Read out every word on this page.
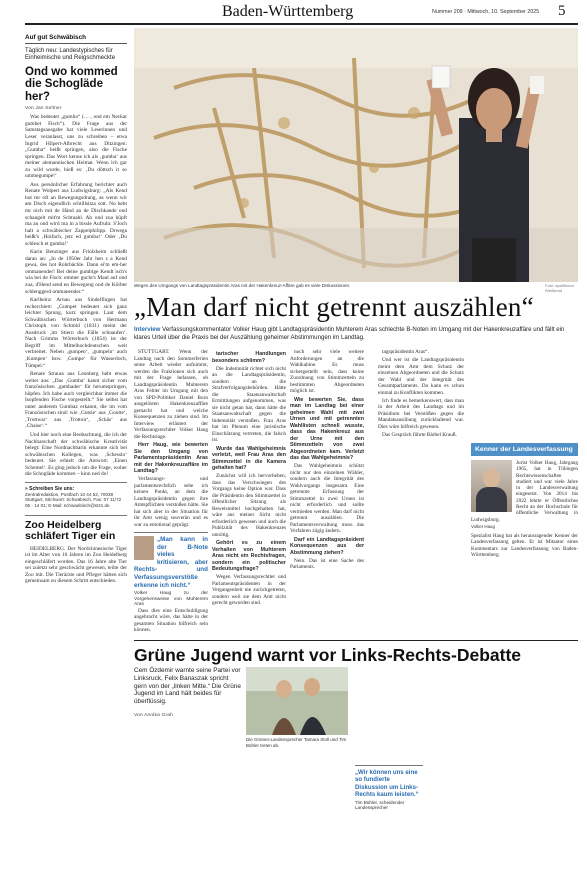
Baden-Württemberg	Nummer 209 · Mittwoch, 10. September 2025 5
Auf gut Schwäbisch
Täglich neu: Landestypisches für Einheimische und Reigschmeckte
Ond wo kommed die Schogläde her?
Von Jan Sellner

Was bedeutet „gumba“ (… , ond em Neckar gumbet Fisch“). Die Frage aus der Samstagsausgabe hat viele Leserinnen und Leser veranlasst, uns zu schreiben – etwa Ingrid Hilpert-Albrecht aus Ditzingen: „Gumba“ heißt springen, also die Fische springen. Das Wort kenne ich als ‚gumba‘ aus meiner alemannischen Heimat. Wenn ich gar zu wild wurde, hieß es: ‚Du döttsch it so ummegumpe!‘

Aus persönlicher Erfahrung berichtet auch Renate Wolpert aus Ludwigsburg: „Als Kend hot mr oft an Bewegungsdrang, as wenn wir am Disch eigendlich schtillsitza sott. No hebt mr oich mit de Händ an de Dischkande ond schaugelt mit'm Schtuahl. Ab ond zua hüpft ma au ond wird ma in a bissle Aufruhr. S'Joch halt a schwäbischer Zappelphilipp. Drwega heißt's ‚Hoifach, jetz ed gumba!‘ Oder ‚Du schlesch et gumba!‘

Karin Benzinger aus Friolzheim schließt daran an: „In de 1950er Jahr hen s a Kend gewa, des hot Rohrbächle. Dann ei'm em-her ommanender! Bei deine gumbige Kendt isch's wia bei de Fisch: emmer gucht's Maul auf ond zua, d'Hend send en Bewegong ond de Körber schlenggerd ommanender.“

Karlheinz Arnau aus Sindelfingen hat recherchiert: „Gumpet bedeutet sich ganz leichter Sprung, kurz springen. Laut dem Schwäbischen Wörterbuch von Hermann Christoph von Schmid (1831) meint der Ausdruck ‚im Stiern die Fälle schnaufen‘. Nach Grimms Wörterbuch (1854) ist der Begriff im Mittelhochdeutschen weit verbreitet. Neben ‚gumpen‘, ‚gumpeln‘ auch ‚Kumpen‘ bzw. ‚Gumpe‘ für Wasserloch, Tümpel.“

Renate Strauss aus Leonberg hebt etwas weiter aus: „Das ‚Gumba‘ kannt sicher vom französischen ‚gambader‘ für herumspringen, hüpfen. Ich habe auch vergleichbar immer die Isopfenden Fische vorgestellt.“ Sie selbst hat unter anderem Gumbaz erkannt, die im vom Französischen sind: wie ‚Gutsle‘ aus ‚Goutte‘, ‚Trottwar‘ aus ‚Trottoir‘, ‚Schäs‘ aus ‚Chaise‘.“

Und hier noch eine Beobachtung, die ich der Nachbarschaft der schwäbische Kreativität belegt: Eine Nordnachbarin erkannte sich bei schwäbischen Kollegen, was ‚Schesslo‘ bedeutet. Sie erhielt die Antwort: ‚Einen Schemel‘. Es ging jedoch um die Frage, woher die Schogläde kommen – kinn ned do!

» Schreiben Sie uns:
Zentralredaktion, Postfach 10 44 52, 70039 Stuttgart, Stichwort: Schwäbisch, Fax: 07 11/72 05 - 14 01; E-Mail: schwaebisch@stzn.de
Zoo Heidelberg schläfert Tiger ein

HEIDELBERG. Der Nordchinesische Tiger ist im Alter von 16 Jahren im Zoo Heidelberg eingeschläfert worden. Das 16 Jahre alte Tier sei zuletzt sehr geschwächt gewesen, teilte der Zoo mit. Die Tierärzte und Pfleger hätten sich gemeinsam zu diesem Schritt entschieden.

Wegen des Umgangs von Landtagspräsidentin Aras mit der Hakenkreuz-Affäre gab es viele Diskussionen.	Foto: dpa/Bernd Weißbrod
„Man darf nicht getrennt auszählen“
Interview Verfassungskommentator Volker Haug gibt Landtagspräsidentin Muhterem Aras schlechte B-Noten im Umgang mit der Hakenkreuzaffäre und fällt ein klares Urteil über die Praxis bei der Auszählung geheimer Abstimmungen im Landtag.

STUTTGART. Wenn der Landtag nach den Sommerferien seine Arbeit wieder aufnimmt, werden die Fraktionen sich auch mit der Frage befassen, ob Landtagspräsidentin Muhterem Aras Fehler im Umgang mit den von SPD-Politiker Daniel Born ausgelösten Hakenkreuzaffäre gemacht hat und welche Konsequenzen zu ziehen sind. Im Interview erläutert der Verfassungsrechtler Volker Haug die Rechtslage.

Herr Haug, wie bewerten Sie den Umgang von Parlamentspräsidentin Aras mit der Hakenkreuzaffäre im Landtag?

Verfassungs- und parlamentsrechtlich sehe ich keinen Punkt, an dem die Landtagspräsidentin gegen ihre Amtspflichten verstoßen hätte. Sie hat sich aber in der Situation für ihr Amt wenig souverän und es war zu emotional geprägt.

„Man kann in der B-Note vieles kritisieren, aber Rechts- und Verfassungsverstöße erkenne ich nicht.“
Volker Haug zu der Vorgehensweise von Muhterem Aras

Dass dies eine Entschuldigung angebracht wäre, das hätte in der gesamten Situation hilfreich sein können.

tarischer Handlungen besonders schlimm?

Die Indemnität richtet sich nicht an die Landtagspräsidentin, sondern an die Strafverfolgungsbehörden. Hätte die Staatsanwaltschaft Ermittlungen aufgenommen, was sie nicht getan hat, dann hätte die Staatsanwaltschaft gegen die Indemnität verstoßen. Frau Aras hat im Plenum eine juristische Einschätzung vertreten, die falsch ist.

Wurde das Wahlgeheimnis verletzt, weil Frau Aras den Stimmzettel in die Kamera gehalten hat?

Zunächst will ich hervorheben, dass das Verschwiegen des Vorgangs keine Option war. Dass die Präsidentin den Stimmzettel in öffentlicher Sitzung als Beweismittel hochgehalten hat, wäre aus meiner Sicht nicht erforderlich gewesen und auch die Publizität des Hakenkreuzes unnötig.

Gehört es zu einem Verhalten von Muhterem Aras nicht ein Rechtsfragen, sondern ein politischer Bedeutungsfrage?

Wegen Verfassungsrechtler und Parlamentspräsidenten in der Vergangenheit nie zurückgetreten, sondern weil sie dem Amt nicht gerecht geworden sind.

noch sehr viele weitere Anforderungen an die Wahlkabine. Es muss sichergestellt sein, dass keine Zuordnung von Stimmzetteln zu bestimmten Abgeordneten möglich ist.

Wie bewerten Sie, dass man im Landtag bei einer geheimen Wahl mit zwei Urnen und mit getrennten Wahllisten schnell wusste, dass das Hakenkreuz aus der Urne mit den Stimmzetteln von zwei Abgeordneten kam. Verletzt das das Wahlgeheimnis?

Das Wahlgeheimnis schützt nicht nur den einzelnen Wähler, sondern auch die Integrität des Wahlvorgangs insgesamt. Eine getrennte Erfassung der Stimmzettel in zwei Urnen ist nicht erforderlich und sollte vermieden werden. Man darf nicht getrennt auszählen. Die Parlamentsverwaltung muss das Verfahren zügig ändern.

Darf ein Landtagspräsident Konsequenzen aus der Abstimmung ziehen?

Nein. Das ist eine Sache des Parlaments.

tagspräsidentin Aras“.

Und wer ist die Landtagspräsidentin meint dem Amt dem Schutz der einzelnen Abgeordneten und die Schutz der Wahl und der Integrität des Gesamtparlaments. Da kann es schon einmal zu Konflikten kommen.

Ich finde es bemerkenswert, dass man in der Arbeit des Landtags und im Präsidium bei Verstößen gegen die Mandatsausübung zurückhaltend war. Dies wäre hilfreich gewesen.

Das Gespräch führte Bärbel Krauß.

Kenner der Landesverfassung
Jurist Volker Haug, Jahrgang 1965, hat in Tübingen Rechtswissenschaften studiert und war viele Jahre in der Landesverwaltung eingesetzt. Von 2014 bis 2022 lehrte er Öffentliches Recht an der Hochschule für öffentliche Verwaltung in Ludwigsburg.
Volker Haug
Spezialist Haug hat als herausragender Kenner der Landesverfassung gelten. Er ist Mitautor eines Kommentars zur Landesverfassung von Baden-Württemberg.
Grüne Jugend warnt vor Links-Rechts-Debatte
Cem Özdemir warnte seine Partei vor Linksruck, Felix Banaszak spricht gern von der „linken Mitte.“ Die Grüne Jugend im Land hält beides für überflüssig.
Von Annika Grah
Die Grünen-Landessprecher Tamara Stoll und Tim Bühler treten ab.
„Wir können uns eine so fundierte Diskussion um Links-Rechts kaum leisten.“
Tim Bühler, scheidender Landessprecher
